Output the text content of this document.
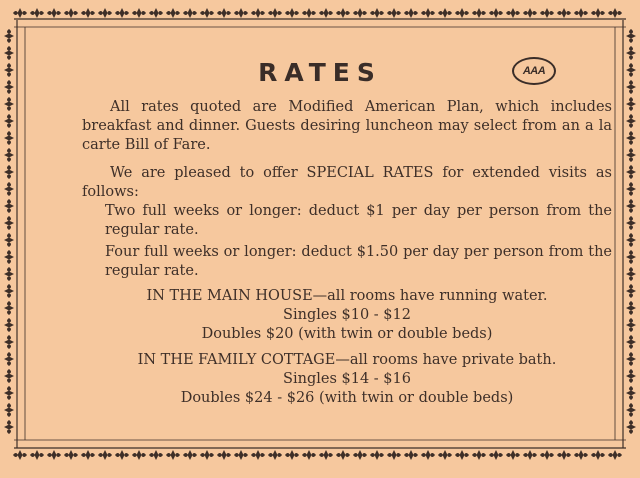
RATES	AAA

All rates quoted are Modified American Plan, which includes breakfast and dinner. Guests desiring luncheon may select from an a la carte Bill of Fare.

We are pleased to offer SPECIAL RATES for extended visits as follows:

Two full weeks or longer: deduct $1 per day per person from the regular rate.

Four full weeks or longer: deduct $1.50 per day per person from the regular rate.

IN THE MAIN HOUSE—all rooms have running water.

Singles $10 - $12

Doubles $20 (with twin or double beds)

IN THE FAMILY COTTAGE—all rooms have private bath.

Singles $14 - $16

Doubles $24 - $26 (with twin or double beds)
